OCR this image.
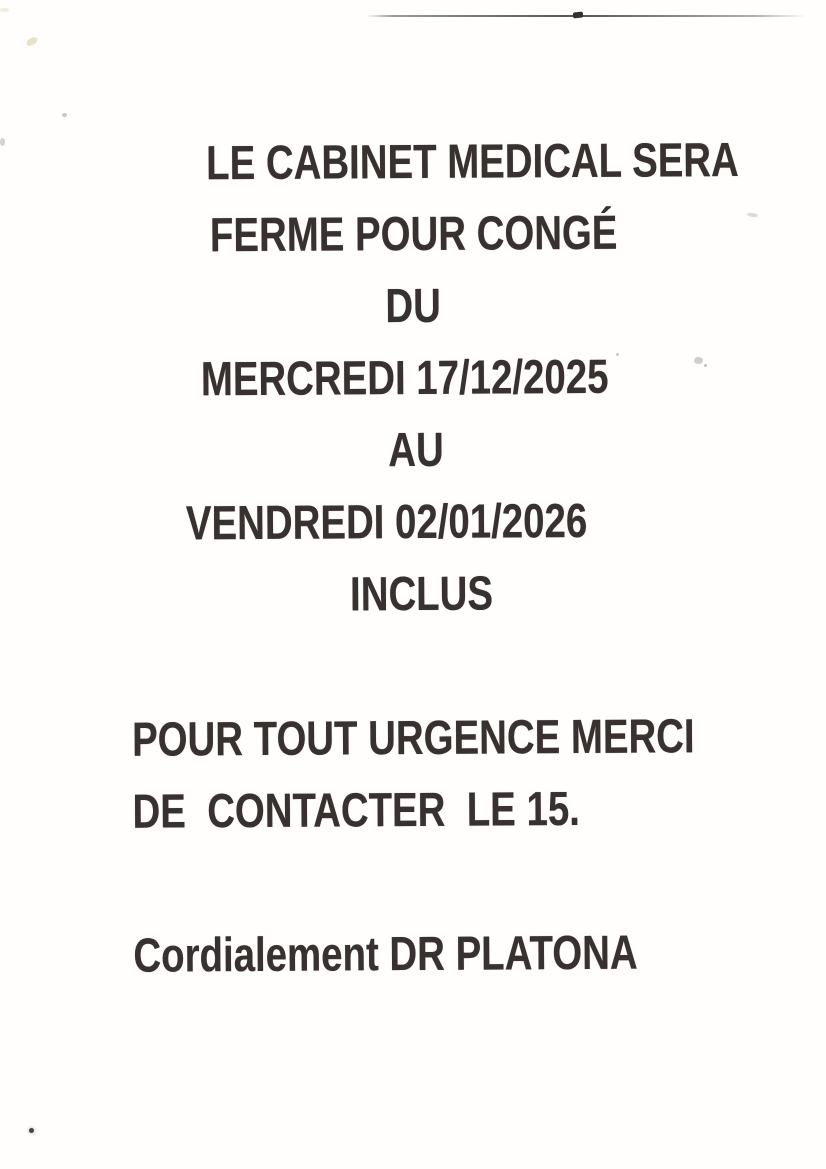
LE CABINET MEDICAL SERA
FERME POUR CONGÉ
DU
MERCREDI 17/12/2025
AU
VENDREDI 02/01/2026
INCLUS
POUR TOUT URGENCE MERCI
DE  CONTACTER  LE 15.
Cordialement DR PLATONA
